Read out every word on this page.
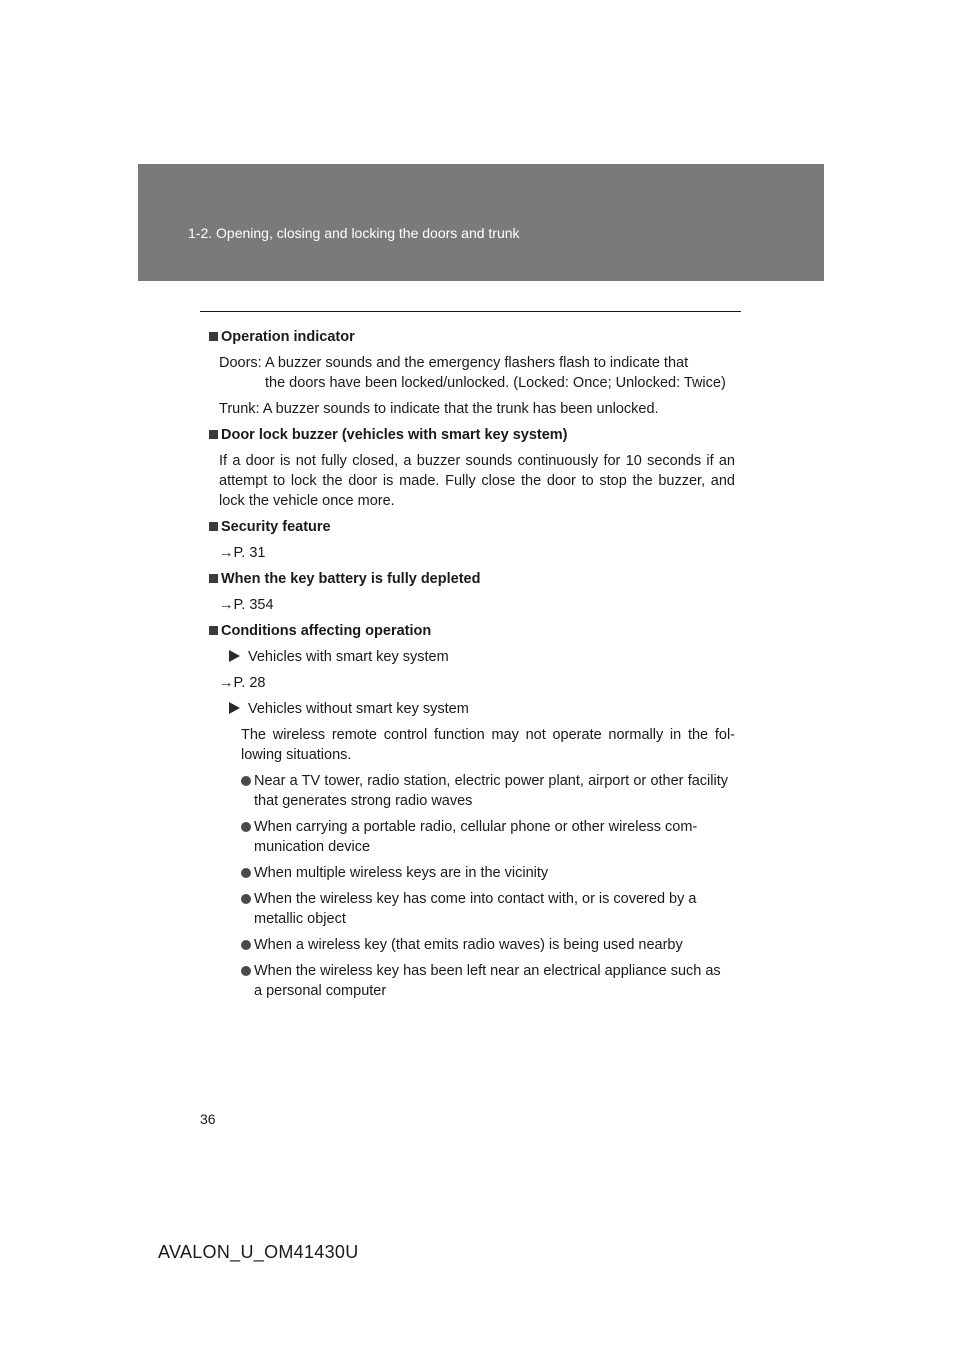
1-2. Opening, closing and locking the doors and trunk

Operation indicator

Doors: A buzzer sounds and the emergency flashers flash to indicate that
the doors have been locked/unlocked. (Locked: Once; Unlocked: Twice)

Trunk: A buzzer sounds to indicate that the trunk has been unlocked.

Door lock buzzer (vehicles with smart key system)

If a door is not fully closed, a buzzer sounds continuously for 10 seconds if an attempt to lock the door is made. Fully close the door to stop the buzzer, and lock the vehicle once more.

Security feature

→P. 31

When the key battery is fully depleted

→P. 354

Conditions affecting operation

Vehicles with smart key system

→P. 28

Vehicles without smart key system

The wireless remote control function may not operate normally in the fol-lowing situations.

Near a TV tower, radio station, electric power plant, airport or other facility that generates strong radio waves
When carrying a portable radio, cellular phone or other wireless com-munication device
When multiple wireless keys are in the vicinity
When the wireless key has come into contact with, or is covered by a metallic object
When a wireless key (that emits radio waves) is being used nearby
When the wireless key has been left near an electrical appliance such as a personal computer
36
AVALON_U_OM41430U
